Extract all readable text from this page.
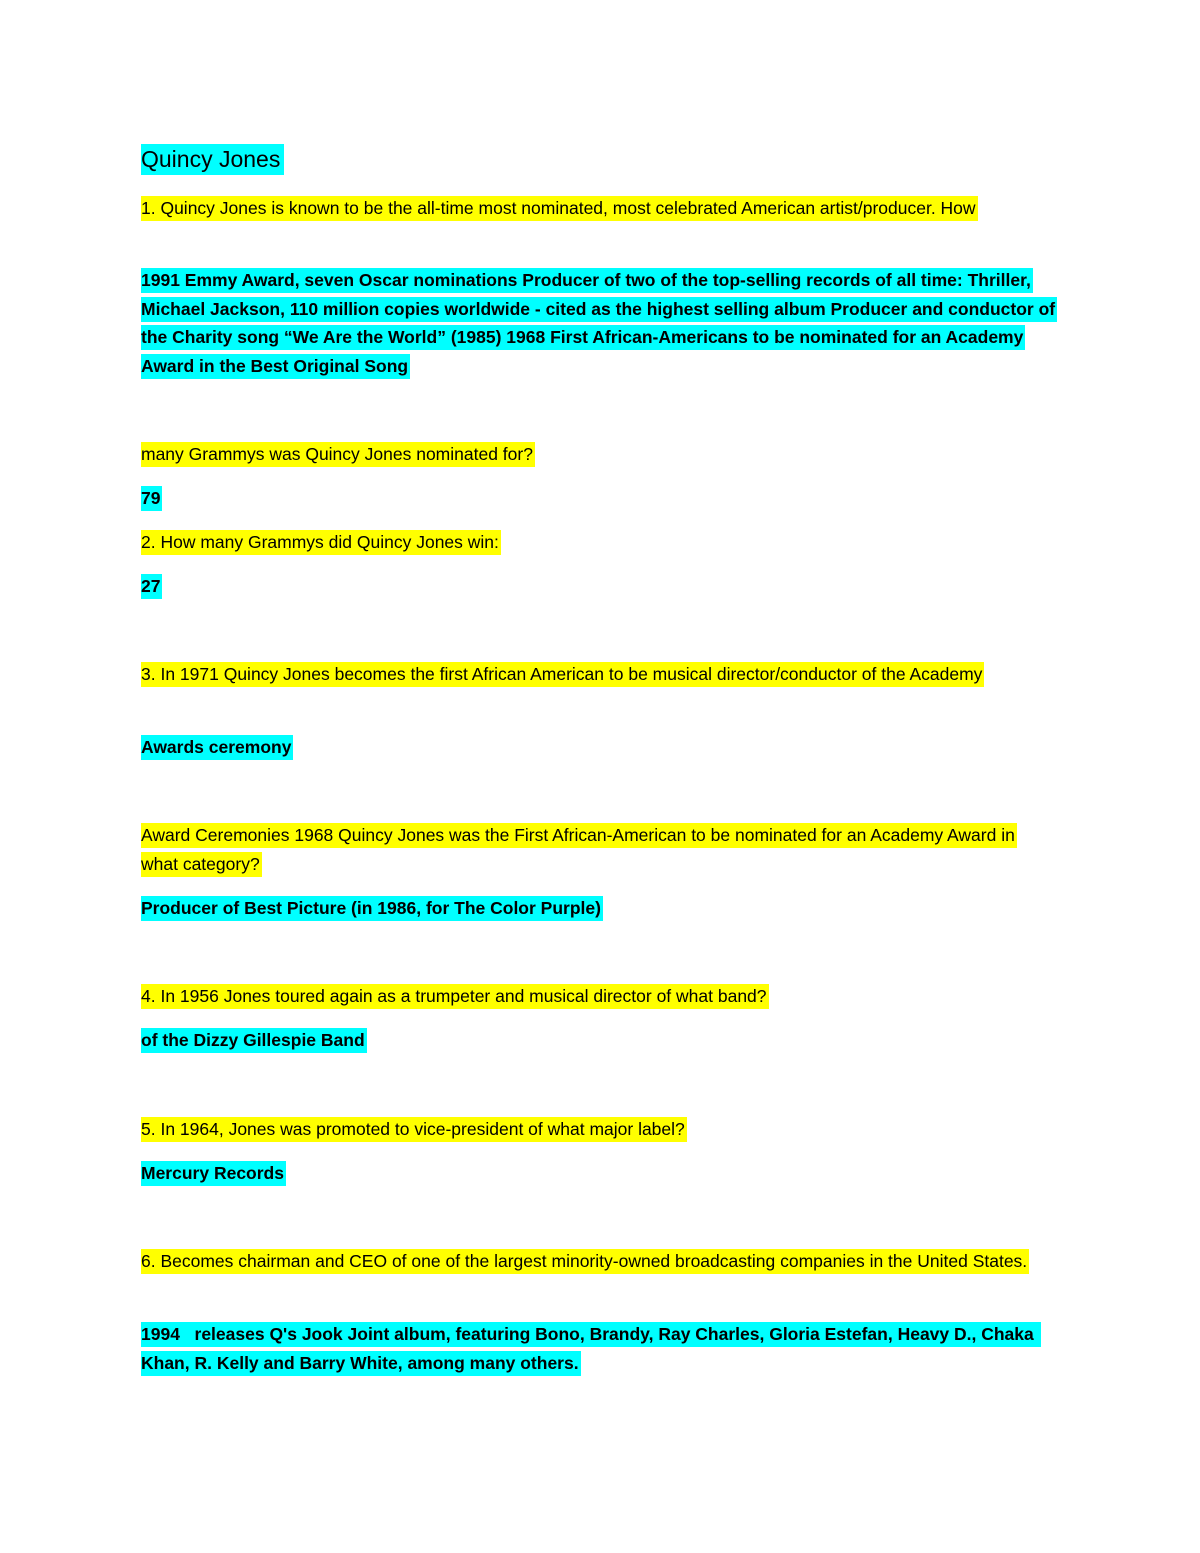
Quincy Jones

1. Quincy Jones is known to be the all-time most nominated, most celebrated American artist/producer. How

1991 Emmy Award, seven Oscar nominations Producer of two of the top-selling records of all time: Thriller, Michael Jackson, 110 million copies worldwide - cited as the highest selling album Producer and conductor of the Charity song “We Are the World” (1985) 1968 First African-Americans to be nominated for an Academy Award in the Best Original Song

many Grammys was Quincy Jones nominated for?

79

2. How many Grammys did Quincy Jones win:

27

3. In 1971 Quincy Jones becomes the first African American to be musical director/conductor of the Academy

Awards ceremony

Award Ceremonies 1968 Quincy Jones was the First African-American to be nominated for an Academy Award in what category?

Producer of Best Picture (in 1986, for The Color Purple)

4. In 1956 Jones toured again as a trumpeter and musical director of what band?

of the Dizzy Gillespie Band

5. In 1964, Jones was promoted to vice-president of what major label?

Mercury Records

6. Becomes chairman and CEO of one of the largest minority-owned broadcasting companies in the United States.

1994   releases Q's Jook Joint album, featuring Bono, Brandy, Ray Charles, Gloria Estefan, Heavy D., Chaka Khan, R. Kelly and Barry White, among many others.
